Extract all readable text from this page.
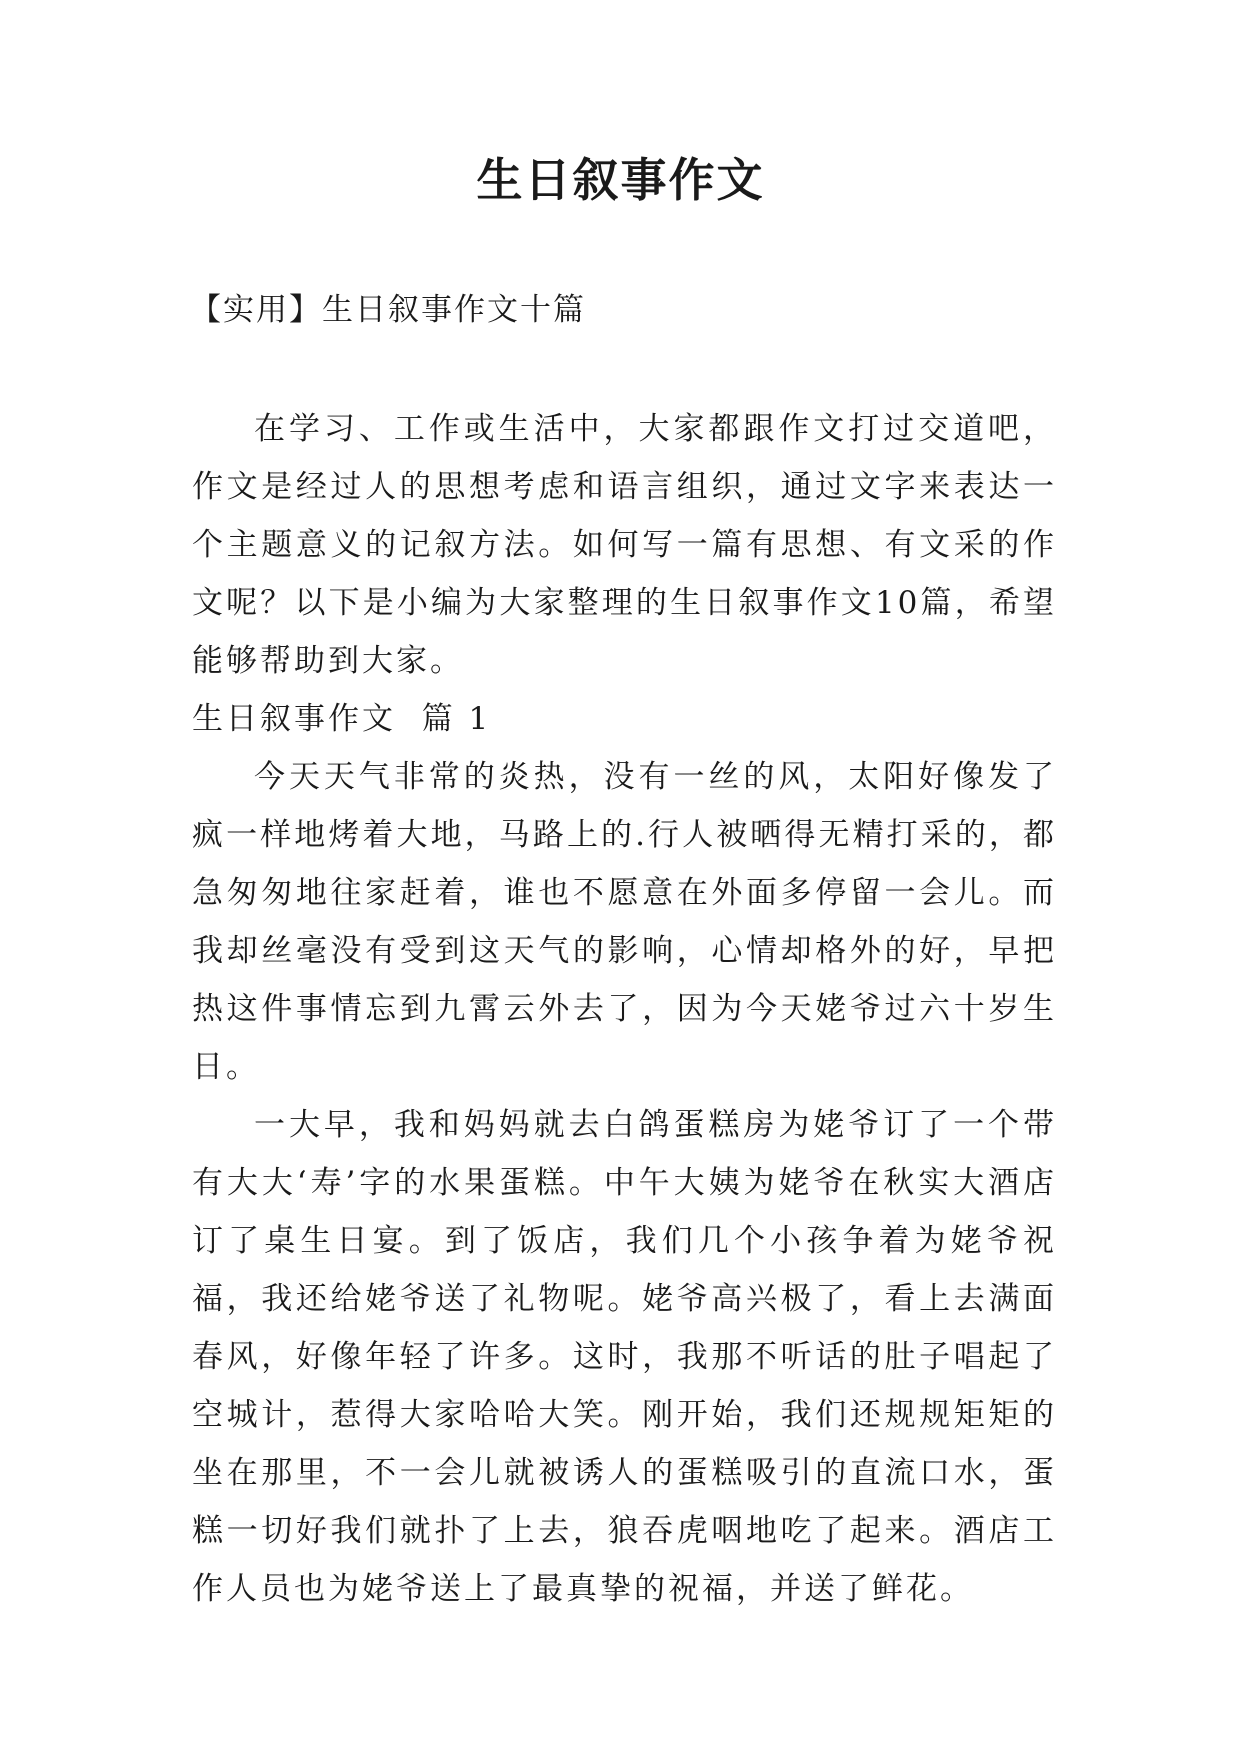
生日叙事作文
【实用】生日叙事作文十篇

在学习、工作或生活中，大家都跟作文打过交道吧，作文是经过人的思想考虑和语言组织，通过文字来表达一个主题意义的记叙方法。如何写一篇有思想、有文采的作文呢？以下是小编为大家整理的生日叙事作文10篇，希望能够帮助到大家。

生日叙事作文  篇 1

今天天气非常的炎热，没有一丝的风，太阳好像发了疯一样地烤着大地，马路上的.行人被晒得无精打采的，都急匆匆地往家赶着，谁也不愿意在外面多停留一会儿。而我却丝毫没有受到这天气的影响，心情却格外的好，早把热这件事情忘到九霄云外去了，因为今天姥爷过六十岁生日。

一大早，我和妈妈就去白鸽蛋糕房为姥爷订了一个带有大大‘寿’字的水果蛋糕。中午大姨为姥爷在秋实大酒店订了桌生日宴。到了饭店，我们几个小孩争着为姥爷祝福，我还给姥爷送了礼物呢。姥爷高兴极了，看上去满面春风，好像年轻了许多。这时，我那不听话的肚子唱起了空城计，惹得大家哈哈大笑。刚开始，我们还规规矩矩的坐在那里，不一会儿就被诱人的蛋糕吸引的直流口水，蛋糕一切好我们就扑了上去，狼吞虎咽地吃了起来。酒店工作人员也为姥爷送上了最真挚的祝福，并送了鲜花。
